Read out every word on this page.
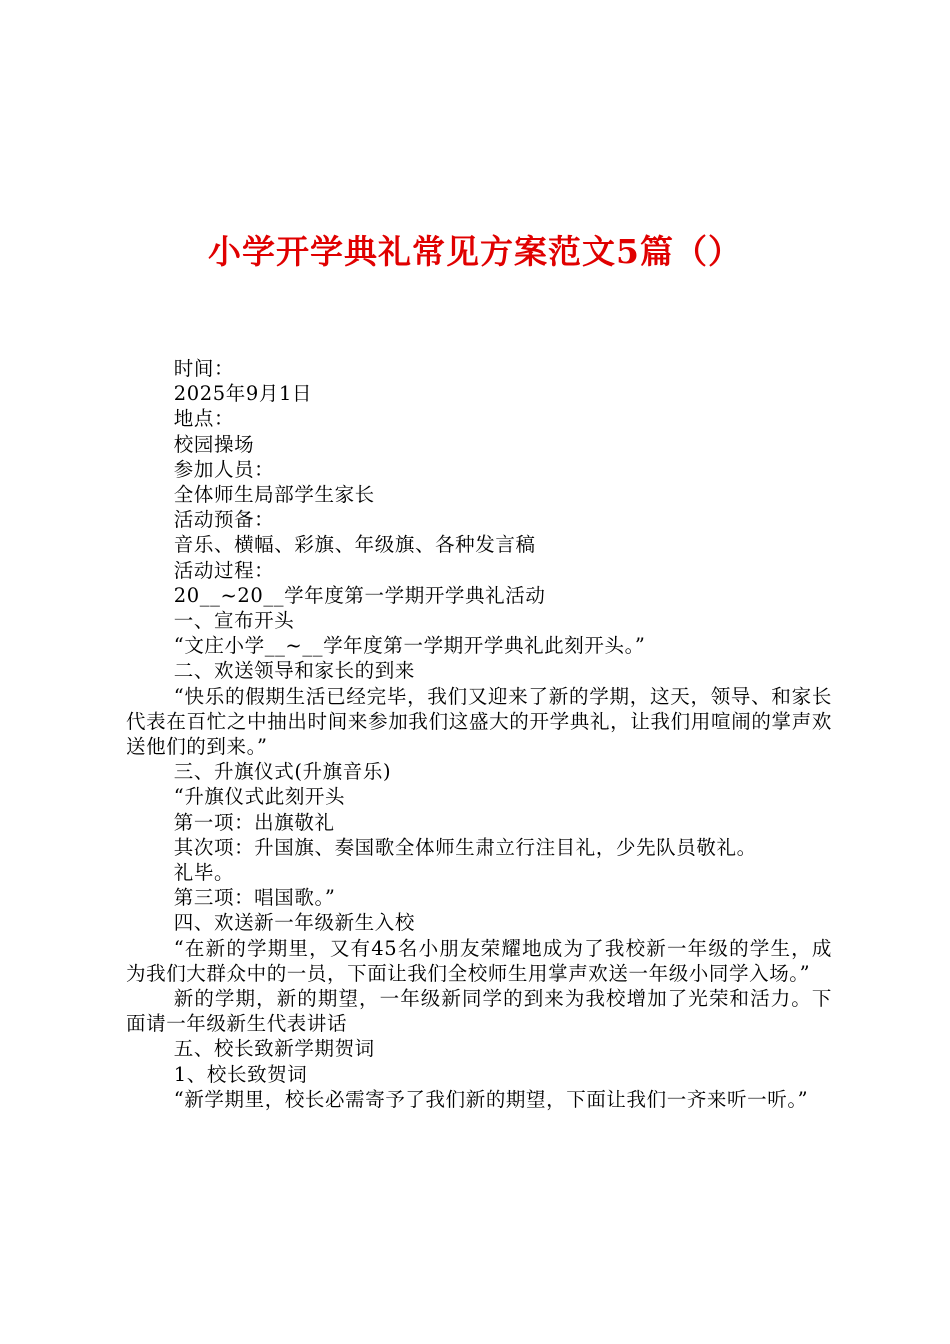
小学开学典礼常见方案范文5篇（）

时间：

2025年9月1日

地点：

校园操场

参加人员：

全体师生局部学生家长

活动预备：

音乐、横幅、彩旗、年级旗、各种发言稿

活动过程：

20__~20__学年度第一学期开学典礼活动

一、宣布开头

“文庄小学__~__学年度第一学期开学典礼此刻开头。”

二、欢送领导和家长的到来

“快乐的假期生活已经完毕，我们又迎来了新的学期，这天，领导、和家长代表在百忙之中抽出时间来参加我们这盛大的开学典礼，让我们用喧闹的掌声欢送他们的到来。”

三、升旗仪式(升旗音乐)

“升旗仪式此刻开头

第一项：出旗敬礼

其次项：升国旗、奏国歌全体师生肃立行注目礼，少先队员敬礼。

礼毕。

第三项：唱国歌。”

四、欢送新一年级新生入校

“在新的学期里，又有45名小朋友荣耀地成为了我校新一年级的学生，成为我们大群众中的一员，下面让我们全校师生用掌声欢送一年级小同学入场。”

新的学期，新的期望，一年级新同学的到来为我校增加了光荣和活力。下面请一年级新生代表讲话

五、校长致新学期贺词

1、校长致贺词

“新学期里，校长必需寄予了我们新的期望，下面让我们一齐来听一听。”
